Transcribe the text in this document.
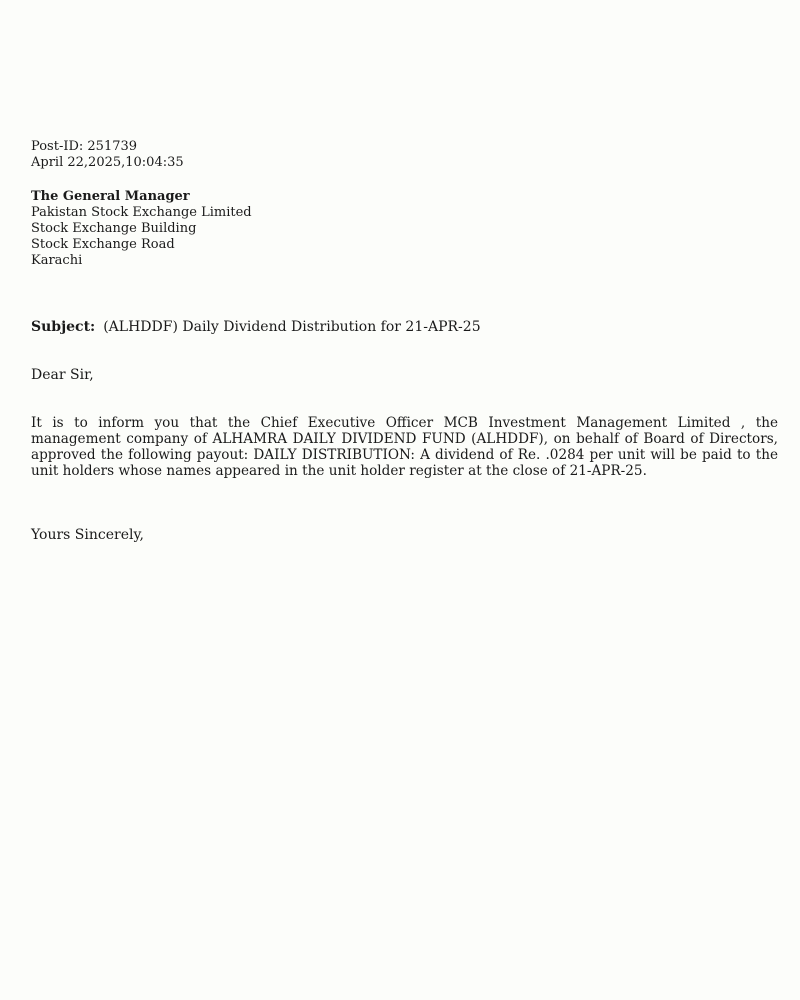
Post-ID: 251739
April 22,2025,10:04:35
The General Manager
Pakistan Stock Exchange Limited
Stock Exchange Building
Stock Exchange Road
Karachi
Subject: (ALHDDF) Daily Dividend Distribution for 21-APR-25
Dear Sir,
It is to inform you that the Chief Executive Officer MCB Investment Management Limited , the management company of ALHAMRA DAILY DIVIDEND FUND (ALHDDF), on behalf of Board of Directors, approved the following payout: DAILY DISTRIBUTION: A dividend of Re. .0284 per unit will be paid to the unit holders whose names appeared in the unit holder register at the close of 21-APR-25.
Yours Sincerely,
